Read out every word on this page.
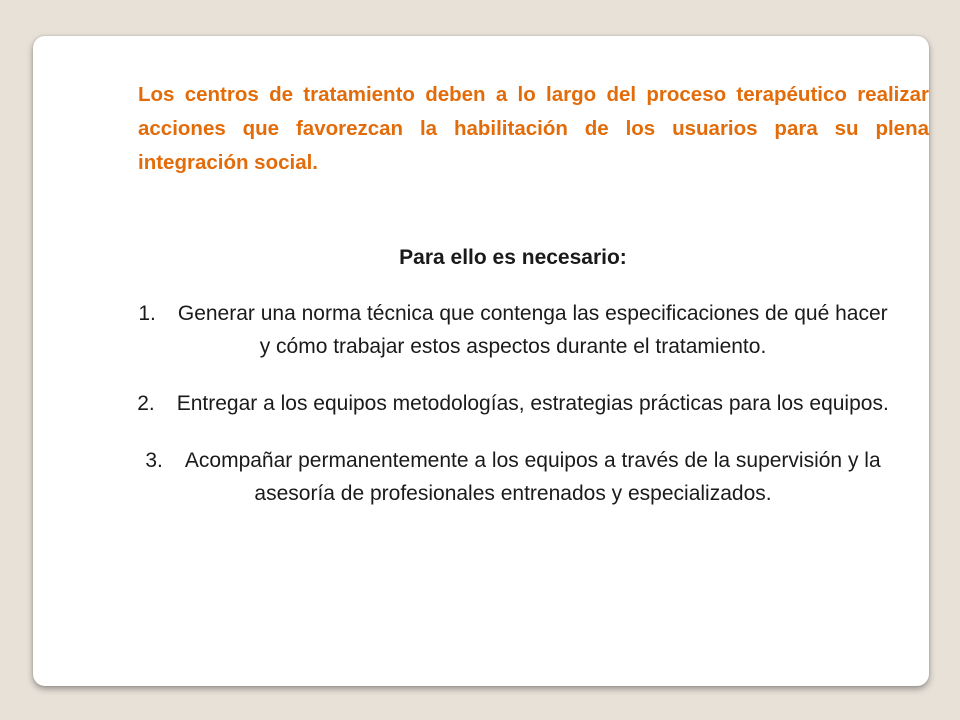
Los centros de tratamiento deben a lo largo del proceso terapéutico realizar acciones que favorezcan la habilitación de los usuarios para su plena integración social.

Para ello es necesario:

1. Generar una norma técnica que contenga las especificaciones de qué hacer y cómo trabajar estos aspectos durante el tratamiento.
2. Entregar a los equipos metodologías, estrategias prácticas para los equipos.
3. Acompañar permanentemente a los equipos a través de la supervisión y la asesoría de profesionales entrenados y especializados.
